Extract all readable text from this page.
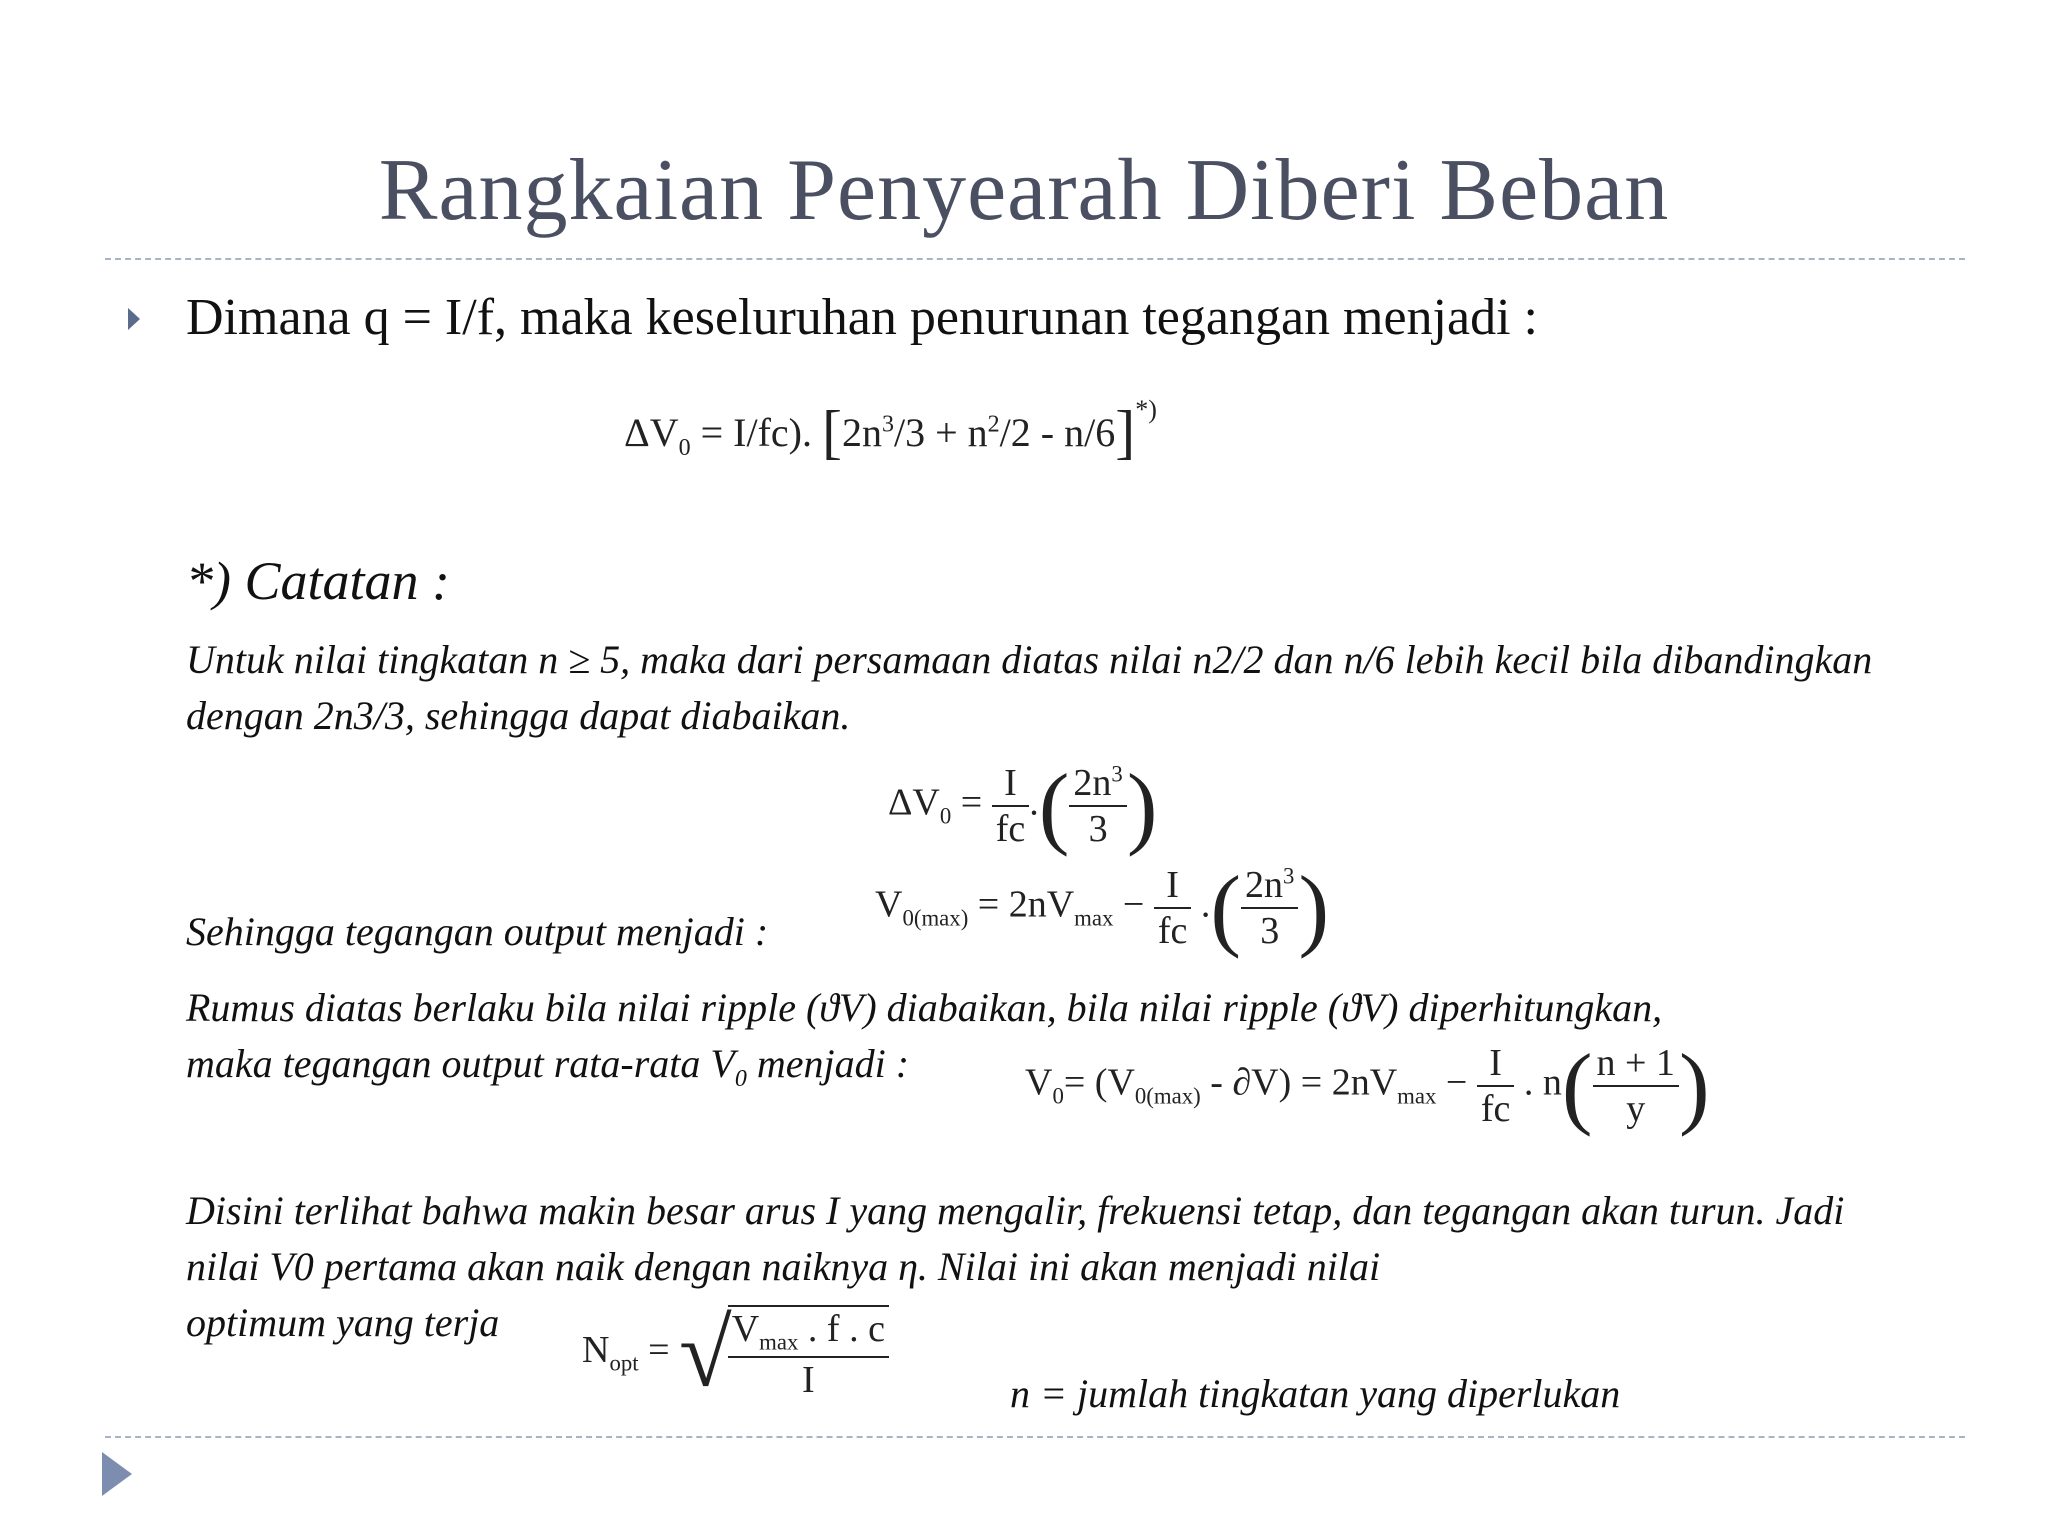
Rangkaian Penyearah Diberi Beban
Dimana q = I/f, maka keseluruhan penurunan tegangan menjadi :
$\Delta V_0 = I/fc$). $[2n^3/3 + n^2/2 - n/6]^{*)}$
*) Catatan :
Untuk nilai tingkatan n ≥ 5, maka dari persamaan diatas nilai n2/2 dan n/6 lebih kecil bila dibandingkan dengan 2n3/3, sehingga dapat diabaikan.
$\Delta V_0 = \frac{I}{fc}$ .( $\frac{2n^3}{3}$ )
Sehingga tegangan output menjadi :
$V_{0(max)} = 2nV_{max} - \frac{I}{fc}$ .( $\frac{2n^3}{3}$ )
Rumus diatas berlaku bila nilai ripple (ϑV) diabaikan, bila nilai ripple (ϑV) diperhitungkan,
maka tegangan output rata-rata $V_0$ menjadi :	$V_0= (V_{0(max)} - \partial V) = 2nV_{max} - \frac{I}{fc}$ . $n( \frac{n + 1}{y}$ )
Disini terlihat bahwa makin besar arus I yang mengalir, frekuensi tetap, dan tegangan akan turun. Jadi nilai V0 pertama akan naik dengan naiknya η. Nilai ini akan menjadi nilai
optimum yang terja
$N_{opt}$ = √
$\frac{V_{max} . f . c}{I}$	n = jumlah tingkatan yang diperlukan
